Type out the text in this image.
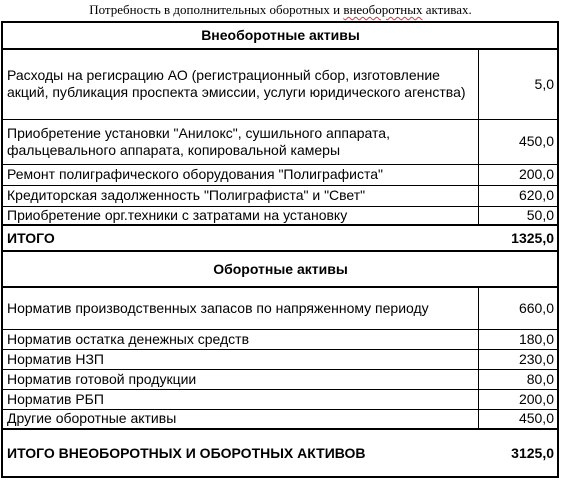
Потребность в дополнительных оборотных и внеоборотных активах.
Внеоборотные активы	
Расходы на регисрацию АО (регистрационный сбор, изготовление акций, публикация проспекта эмиссии, услуги юридического агенства)	5,0
Приобретение установки "Анилокс", сушильного аппарата, фальцевального аппарата, копировальной камеры	450,0
Ремонт полиграфического оборудования "Полиграфиста"	200,0
Кредиторская задолженность "Полиграфиста" и "Свет"	620,0
Приобретение орг.техники с затратами на установку	50,0
ИТОГО	1325,0
Оборотные активы	
Норматив производственных запасов по напряженному периоду	660,0
Норматив остатка денежных средств	180,0
Норматив НЗП	230,0
Норматив готовой продукции	80,0
Норматив РБП	200,0
Другие оборотные активы	450,0
ИТОГО ВНЕОБОРОТНЫХ И ОБОРОТНЫХ АКТИВОВ	3125,0
